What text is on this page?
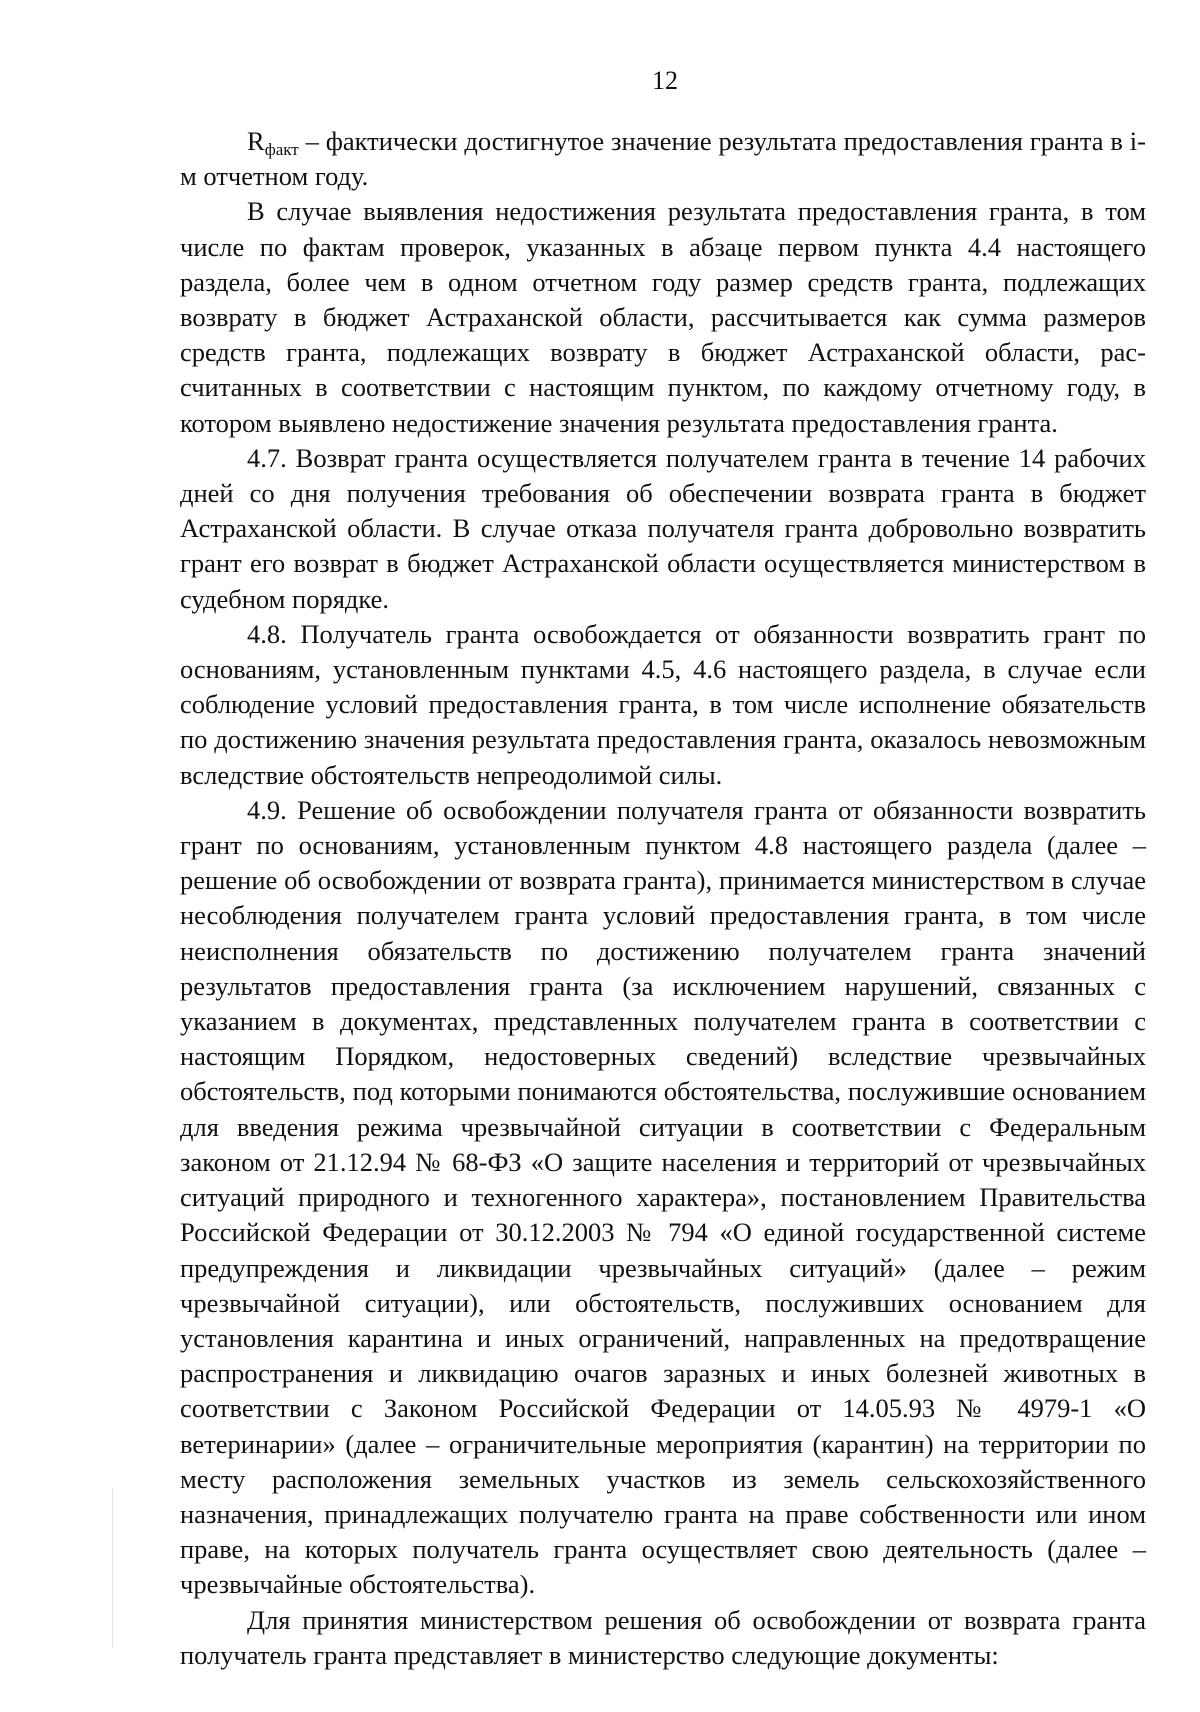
12

$R_{факт}$ – фактически достигнутое значение результата предоставления гранта в i-м отчетном году.

В случае выявления недостижения результата предоставления гранта, в том числе по фактам проверок, указанных в абзаце первом пункта 4.4 настоящего раздела, более чем в одном отчетном году размер средств гранта, подлежащих возврату в бюджет Астраханской области, рассчитывается как сумма размеров средств гранта, подлежащих возврату в бюджет Астраханской области, рассчитанных в соответствии с настоящим пунктом, по каждому отчетному году, в котором выявлено недостижение значения результата предоставления гранта.

4.7. Возврат гранта осуществляется получателем гранта в течение 14 рабочих дней со дня получения требования об обеспечении возврата гранта в бюджет Астраханской области. В случае отказа получателя гранта добровольно возвратить грант его возврат в бюджет Астраханской области осуществляется министерством в судебном порядке.

4.8. Получатель гранта освобождается от обязанности возвратить грант по основаниям, установленным пунктами 4.5, 4.6 настоящего раздела, в случае если соблюдение условий предоставления гранта, в том числе исполнение обязательств по достижению значения результата предоставления гранта, оказалось невозможным вследствие обстоятельств непреодолимой силы.

4.9. Решение об освобождении получателя гранта от обязанности возвратить грант по основаниям, установленным пунктом 4.8 настоящего раздела (далее – решение об освобождении от возврата гранта), принимается министерством в случае несоблюдения получателем гранта условий предоставления гранта, в том числе неисполнения обязательств по достижению получателем гранта значений результатов предоставления гранта (за исключением нарушений, связанных с указанием в документах, представленных получателем гранта в соответствии с настоящим Порядком, недостоверных сведений) вследствие чрезвычайных обстоятельств, под которыми понимаются обстоятельства, послужившие основанием для введения режима чрезвычайной ситуации в соответствии с Федеральным законом от 21.12.94 № 68-ФЗ «О защите населения и территорий от чрезвычайных ситуаций природного и техногенного характера», постановлением Правительства Российской Федерации от 30.12.2003 № 794 «О единой государственной системе предупреждения и ликвидации чрезвычайных ситуаций» (далее – режим чрезвычайной ситуации), или обстоятельств, послуживших основанием для установления карантина и иных ограничений, направленных на предотвращение распространения и ликвидацию очагов заразных и иных болезней животных в соответствии с Законом Российской Федерации от 14.05.93 № 4979-1 «О ветеринарии» (далее – ограничительные мероприятия (карантин) на территории по месту расположения земельных участков из земель сельскохозяйственного назначения, принадлежащих получателю гранта на праве собственности или ином праве, на которых получатель гранта осуществляет свою деятельность (далее – чрезвычайные обстоятельства).

Для принятия министерством решения об освобождении от возврата гранта получатель гранта представляет в министерство следующие документы:
